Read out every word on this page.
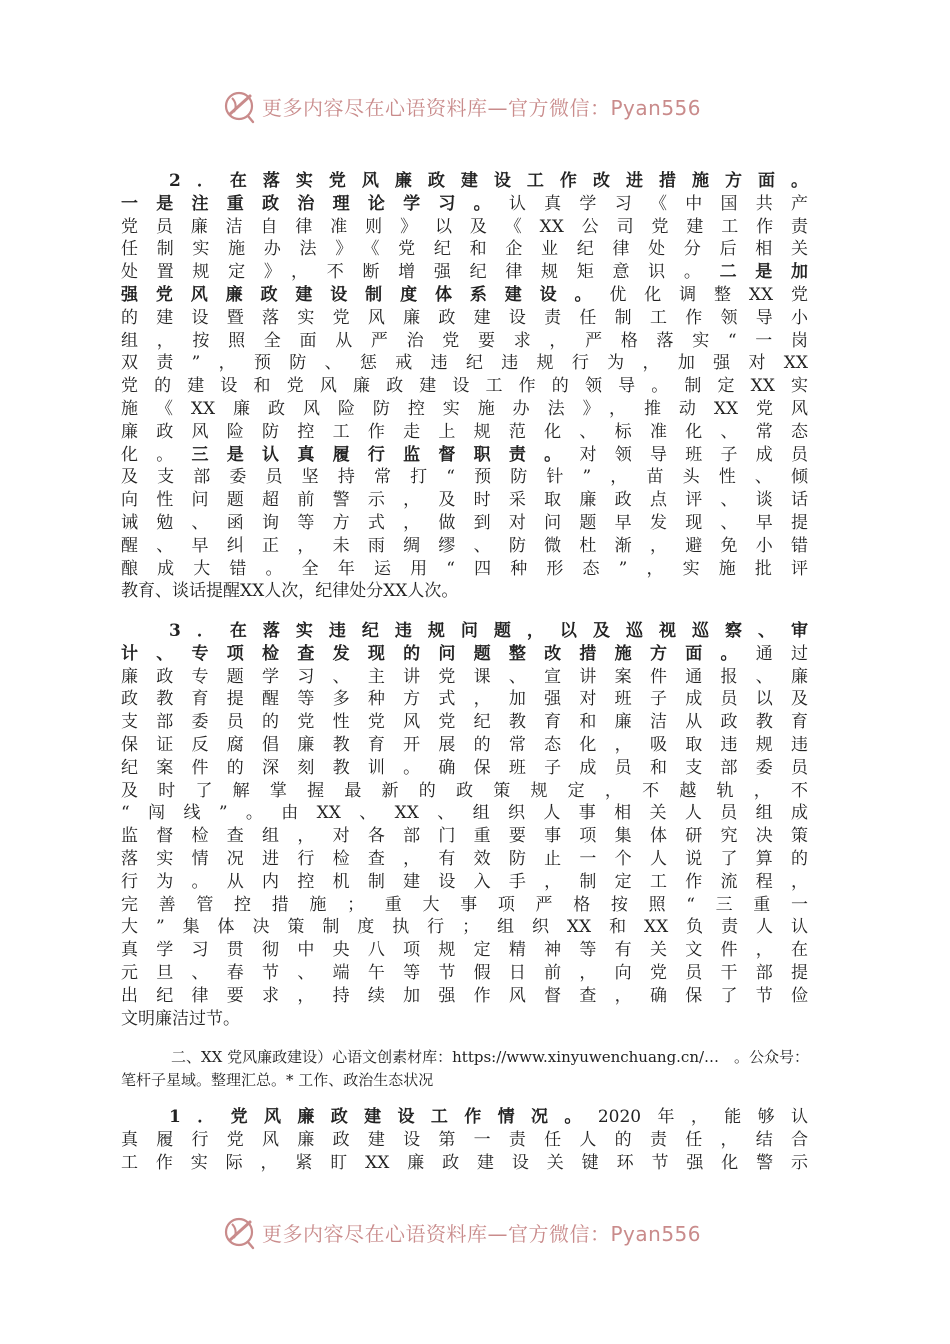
更多内容尽在心语资料库—官方微信：Pyan556
2．在落实党风廉政建设工作改进措施方面。
一是注重政治理论学习。认真学习《中国共产
党员廉洁自律准则》以及《XX公司党建工作责
任制实施办法》《党纪和企业纪律处分后相关
处置规定》，不断增强纪律规矩意识。二是加
强党风廉政建设制度体系建设。优化调整XX党
的建设暨落实党风廉政建设责任制工作领导小
组，按照全面从严治党要求，严格落实“一岗
双责”，预防、惩戒违纪违规行为，加强对XX
党的建设和党风廉政建设工作的领导。制定XX实
施《XX廉政风险防控实施办法》，推动XX党风
廉政风险防控工作走上规范化、标准化、常态
化。三是认真履行监督职责。对领导班子成员
及支部委员坚持常打“预防针”，苗头性、倾
向性问题超前警示，及时采取廉政点评、谈话
诫勉、函询等方式，做到对问题早发现、早提
醒、早纠正，未雨绸缪、防微杜渐，避免小错
酿成大错。全年运用“四种形态”，实施批评
教育、谈话提醒XX人次，纪律处分XX人次。
3．在落实违纪违规问题，以及巡视巡察、审
计、专项检查发现的问题整改措施方面。通过
廉政专题学习、主讲党课、宣讲案件通报、廉
政教育提醒等多种方式，加强对班子成员以及
支部委员的党性党风党纪教育和廉洁从政教育
保证反腐倡廉教育开展的常态化，吸取违规违
纪案件的深刻教训。确保班子成员和支部委员
及时了解掌握最新的政策规定，不越轨，不
“闯线”。由XX、XX、组织人事相关人员组成
监督检查组，对各部门重要事项集体研究决策
落实情况进行检查，有效防止一个人说了算的
行为。从内控机制建设入手，制定工作流程，
完善管控措施；重大事项严格按照“三重一
大”集体决策制度执行；组织XX和XX负责人认
真学习贯彻中央八项规定精神等有关文件，在
元旦、春节、端午等节假日前，向党员干部提
出纪律要求，持续加强作风督查，确保了节俭
文明廉洁过节。
二、XX 党风廉政建设）心语文创素材库：https://www.xinyuwenchuang.cn/…　。公众号：
笔杆子星域。整理汇总。* 工作、政治生态状况
1．党风廉政建设工作情况。2020年，能够认
真履行党风廉政建设第一责任人的责任，结合
工作实际，紧盯XX廉政建设关键环节强化警示
更多内容尽在心语资料库—官方微信：Pyan556
